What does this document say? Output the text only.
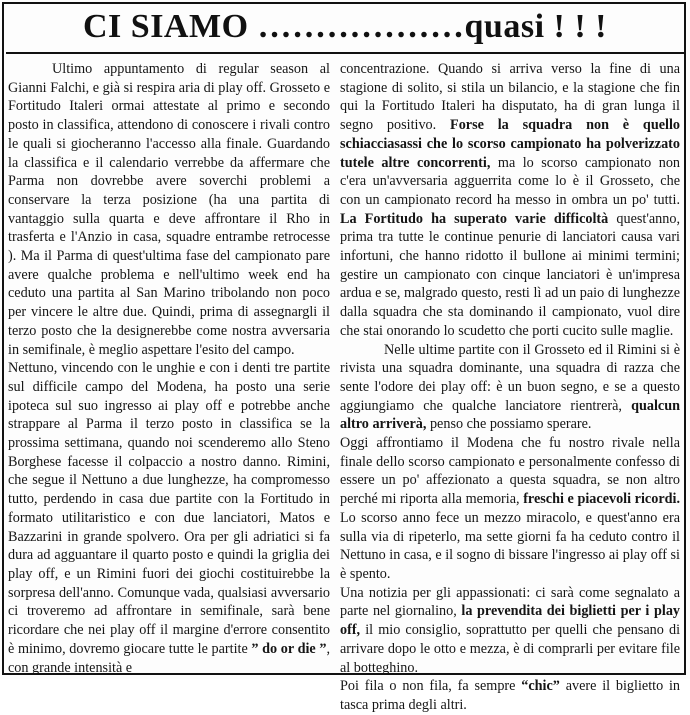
CI SIAMO ………………quasi ! ! !

Ultimo appuntamento di regular season al Gianni Falchi, e già si respira aria di play off. Grosseto e Fortitudo Italeri ormai attestate al primo e secondo posto in classifica, attendono di conoscere i rivali contro le quali si giocheranno l'accesso alla finale. Guardando la classifica e il calendario verrebbe da affermare che Parma non dovrebbe avere soverchi problemi a conservare la terza posizione (ha una partita di vantaggio sulla quarta e deve affrontare il Rho in trasferta e l'Anzio in casa, squadre entrambe retrocesse ). Ma il Parma di quest'ultima fase del campionato pare avere qualche problema e nell'ultimo week end ha ceduto una partita al San Marino tribolando non poco per vincere le altre due. Quindi, prima di assegnargli il terzo posto che la designerebbe come nostra avversaria in semifinale, è meglio aspettare l'esito del campo.

Nettuno, vincendo con le unghie e con i denti tre partite sul difficile campo del Modena, ha posto una serie ipoteca sul suo ingresso ai play off e potrebbe anche strappare al Parma il terzo posto in classifica se la prossima settimana, quando noi scenderemo allo Steno Borghese facesse il colpaccio a nostro danno. Rimini, che segue il Nettuno a due lunghezze, ha compromesso tutto, perdendo in casa due partite con la Fortitudo in formato utilitaristico e con due lanciatori, Matos e Bazzarini in grande spolvero. Ora per gli adriatici si fa dura ad agguantare il quarto posto e quindi la griglia dei play off, e un Rimini fuori dei giochi costituirebbe la sorpresa dell'anno. Comunque vada, qualsiasi avversario ci troveremo ad affrontare in semifinale, sarà bene ricordare che nei play off il margine d'errore consentito è minimo, dovremo giocare tutte le partite ” do or die ”, con grande intensità e

concentrazione. Quando si arriva verso la fine di una stagione di solito, si stila un bilancio, e la stagione che fin qui la Fortitudo Italeri ha disputato, ha di gran lunga il segno positivo. Forse la squadra non è quello schiacciasassi che lo scorso campionato ha polverizzato tutele altre concorrenti, ma lo scorso campionato non c'era un'avversaria agguerrita come lo è il Grosseto, che con un campionato record ha messo in ombra un po' tutti. La Fortitudo ha superato varie difficoltà quest'anno, prima tra tutte le continue penurie di lanciatori causa vari infortuni, che hanno ridotto il bullone ai minimi termini; gestire un campionato con cinque lanciatori è un'impresa ardua e se, malgrado questo, resti lì ad un paio di lunghezze dalla squadra che sta dominando il campionato, vuol dire che stai onorando lo scudetto che porti cucito sulle maglie.

Nelle ultime partite con il Grosseto ed il Rimini si è rivista una squadra dominante, una squadra di razza che sente l'odore dei play off: è un buon segno, e se a questo aggiungiamo che qualche lanciatore rientrerà, qualcun altro arriverà, penso che possiamo sperare.

Oggi affrontiamo il Modena che fu nostro rivale nella finale dello scorso campionato e personalmente confesso di essere un po' affezionato a questa squadra, se non altro perché mi riporta alla memoria, freschi e piacevoli ricordi. Lo scorso anno fece un mezzo miracolo, e quest'anno era sulla via di ripeterlo, ma sette giorni fa ha ceduto contro il Nettuno in casa, e il sogno di bissare l'ingresso ai play off si è spento.

Una notizia per gli appassionati: ci sarà come segnalato a parte nel giornalino, la prevendita dei biglietti per i play off, il mio consiglio, soprattutto per quelli che pensano di arrivare dopo le otto e mezza, è di comprarli per evitare file al botteghino.

Poi fila o non fila, fa sempre “chic” avere il biglietto in tasca prima degli altri.
